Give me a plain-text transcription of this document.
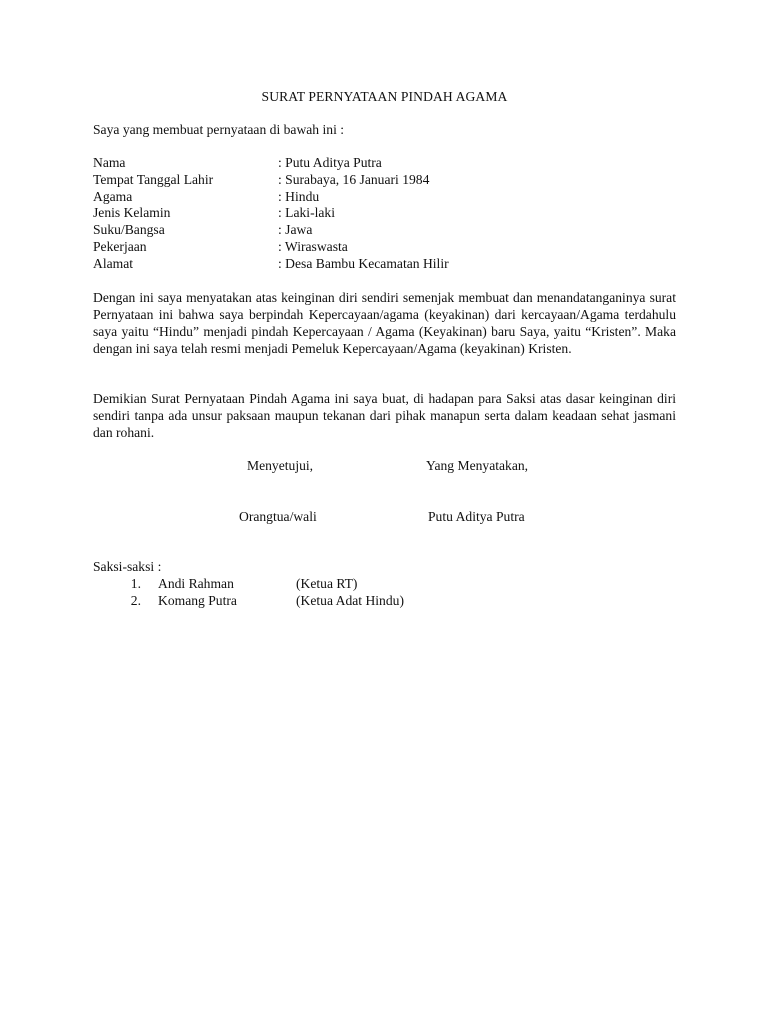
SURAT PERNYATAAN PINDAH AGAMA
Saya yang membuat pernyataan di bawah ini :
Nama	: Putu Aditya Putra
Tempat Tanggal Lahir	: Surabaya, 16 Januari 1984
Agama	: Hindu
Jenis Kelamin	: Laki-laki
Suku/Bangsa	: Jawa
Pekerjaan	: Wiraswasta
Alamat	: Desa Bambu Kecamatan Hilir

Dengan ini saya menyatakan atas keinginan diri sendiri semenjak membuat dan menandatanganinya surat Pernyataan ini bahwa saya berpindah Kepercayaan/agama (keyakinan) dari kercayaan/Agama terdahulu saya yaitu “Hindu” menjadi pindah Kepercayaan / Agama (Keyakinan) baru Saya, yaitu “Kristen”. Maka dengan ini saya telah resmi menjadi Pemeluk Kepercayaan/Agama (keyakinan) Kristen.

Demikian Surat Pernyataan Pindah Agama ini saya buat, di hadapan para Saksi atas dasar keinginan diri sendiri tanpa ada unsur paksaan maupun tekanan dari pihak manapun serta dalam keadaan sehat jasmani dan rohani.

Menyetujui,	Yang Menyatakan,
Orangtua/wali	Putu Aditya Putra
Saksi-saksi :
1. Andi Rahman	(Ketua RT)
2. Komang Putra	(Ketua Adat Hindu)
